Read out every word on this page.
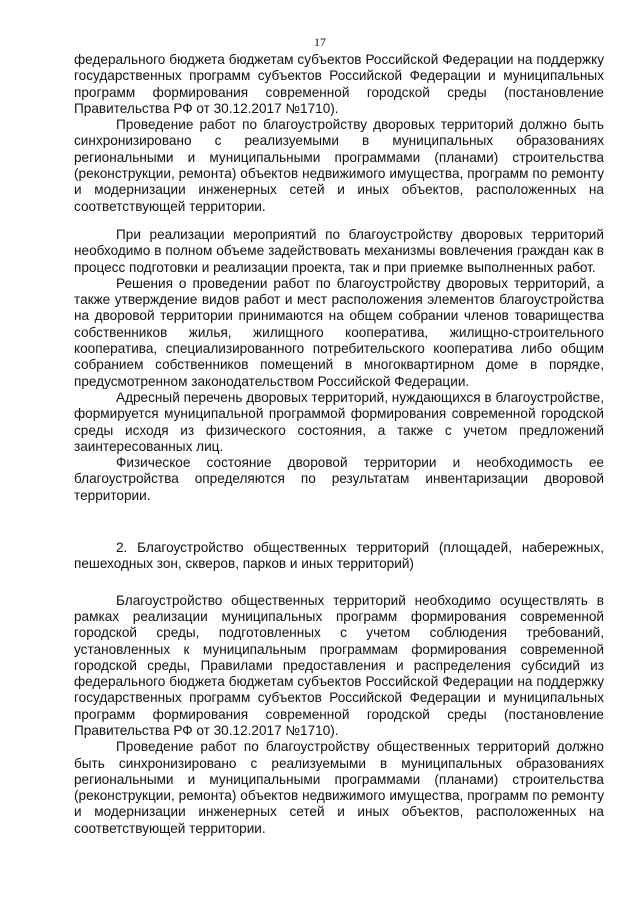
17

федерального бюджета бюджетам субъектов Российской Федерации на поддержку государственных программ субъектов Российской Федерации и муниципальных программ формирования современной городской среды (постановление Правительства РФ от 30.12.2017 №1710).

Проведение работ по благоустройству дворовых территорий должно быть синхронизировано с реализуемыми в муниципальных образованиях региональными и муниципальными программами (планами) строительства (реконструкции, ремонта) объектов недвижимого имущества, программ по ремонту и модернизации инженерных сетей и иных объектов, расположенных на соответствующей территории.

При реализации мероприятий по благоустройству дворовых территорий необходимо в полном объеме задействовать механизмы вовлечения граждан как в процесс подготовки и реализации проекта, так и при приемке выполненных работ.

Решения о проведении работ по благоустройству дворовых территорий, а также утверждение видов работ и мест расположения элементов благоустройства на дворовой территории принимаются на общем собрании членов товарищества собственников жилья, жилищного кооператива, жилищно-строительного кооператива, специализированного потребительского кооператива либо общим собранием собственников помещений в многоквартирном доме в порядке, предусмотренном законодательством Российской Федерации.

Адресный перечень дворовых территорий, нуждающихся в благоустройстве, формируется муниципальной программой формирования современной городской среды исходя из физического состояния, а также с учетом предложений заинтересованных лиц.

Физическое состояние дворовой территории и необходимость ее благоустройства определяются по результатам инвентаризации дворовой территории.

2. Благоустройство общественных территорий (площадей, набережных, пешеходных зон, скверов, парков и иных территорий)

Благоустройство общественных территорий необходимо осуществлять в рамках реализации муниципальных программ формирования современной городской среды, подготовленных с учетом соблюдения требований, установленных к муниципальным программам формирования современной городской среды, Правилами предоставления и распределения субсидий из федерального бюджета бюджетам субъектов Российской Федерации на поддержку государственных программ субъектов Российской Федерации и муниципальных программ формирования современной городской среды (постановление Правительства РФ от 30.12.2017 №1710).

Проведение работ по благоустройству общественных территорий должно быть синхронизировано с реализуемыми в муниципальных образованиях региональными и муниципальными программами (планами) строительства (реконструкции, ремонта) объектов недвижимого имущества, программ по ремонту и модернизации инженерных сетей и иных объектов, расположенных на соответствующей территории.
